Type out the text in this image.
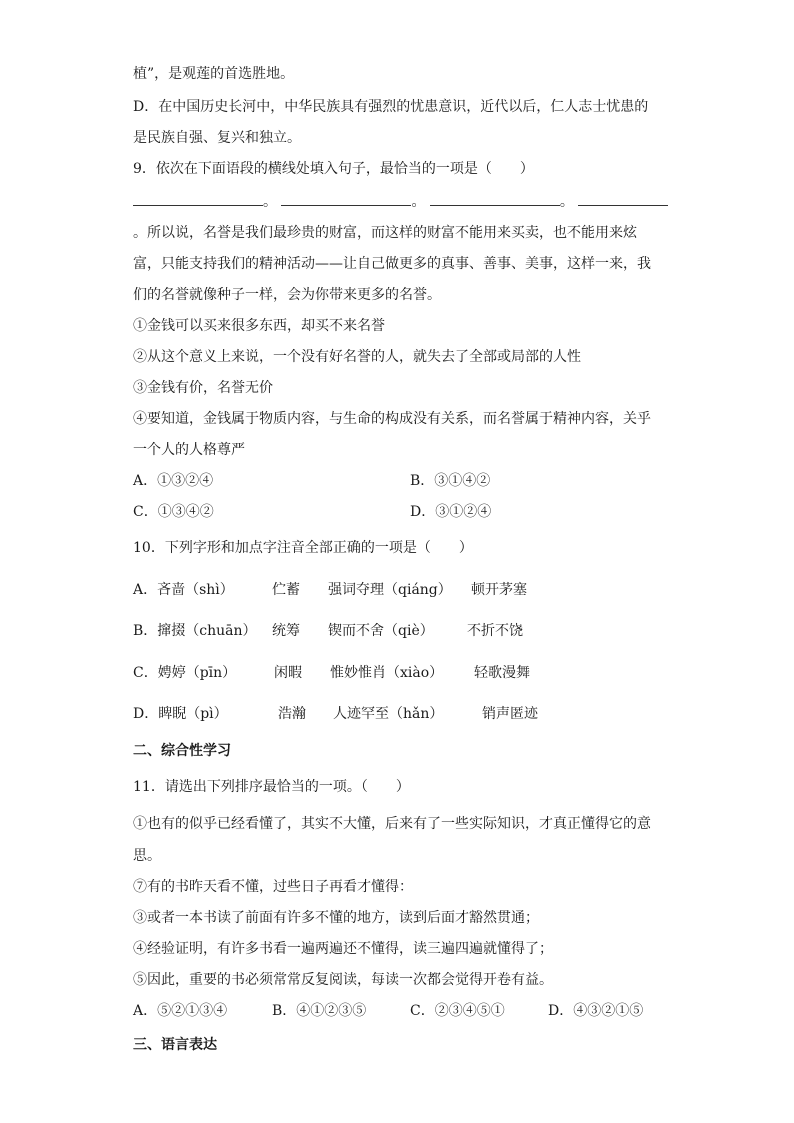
植”，是观莲的首选胜地。
D．在中国历史长河中，中华民族具有强烈的忧患意识，近代以后，仁人志士忧患的
是民族自强、复兴和独立。
9．依次在下面语段的横线处填入句子，最恰当的一项是（　　）
。	。	。
。所以说，名誉是我们最珍贵的财富，而这样的财富不能用来买卖，也不能用来炫
富，只能支持我们的精神活动——让自己做更多的真事、善事、美事，这样一来，我
们的名誉就像种子一样，会为你带来更多的名誉。
①金钱可以买来很多东西，却买不来名誉
②从这个意义上来说，一个没有好名誉的人，就失去了全部或局部的人性
③金钱有价，名誉无价
④要知道，金钱属于物质内容，与生命的构成没有关系，而名誉属于精神内容，关乎
一个人的人格尊严
A．①③②④	B．③①④②
C．①③④②	D．③①②④
10．下列字形和加点字注音全部正确的一项是（　　）
A．吝啬（shì）	伫蓄 强词夺理（qiáng） 顿开茅塞
B．撺掇（chuān） 统筹 锲而不舍（qiè） 不折不饶
C．娉婷（pīn）	闲暇 惟妙惟肖（xiào） 轻歌漫舞
D．睥睨（pì）	浩瀚 人迹罕至（hǎn）	销声匿迹
二、综合性学习
11．请选出下列排序最恰当的一项。（　　）
①也有的似乎已经看懂了，其实不大懂，后来有了一些实际知识，才真正懂得它的意
思。
⑦有的书昨天看不懂，过些日子再看才懂得：
③或者一本书读了前面有许多不懂的地方，读到后面才豁然贯通；
④经验证明，有许多书看一遍两遍还不懂得，读三遍四遍就懂得了；
⑤因此，重要的书必须常常反复阅读，每读一次都会觉得开卷有益。
A．⑤②①③④	B．④①②③⑤	C．②③④⑤①	D．④③②①⑤
三、语言表达
